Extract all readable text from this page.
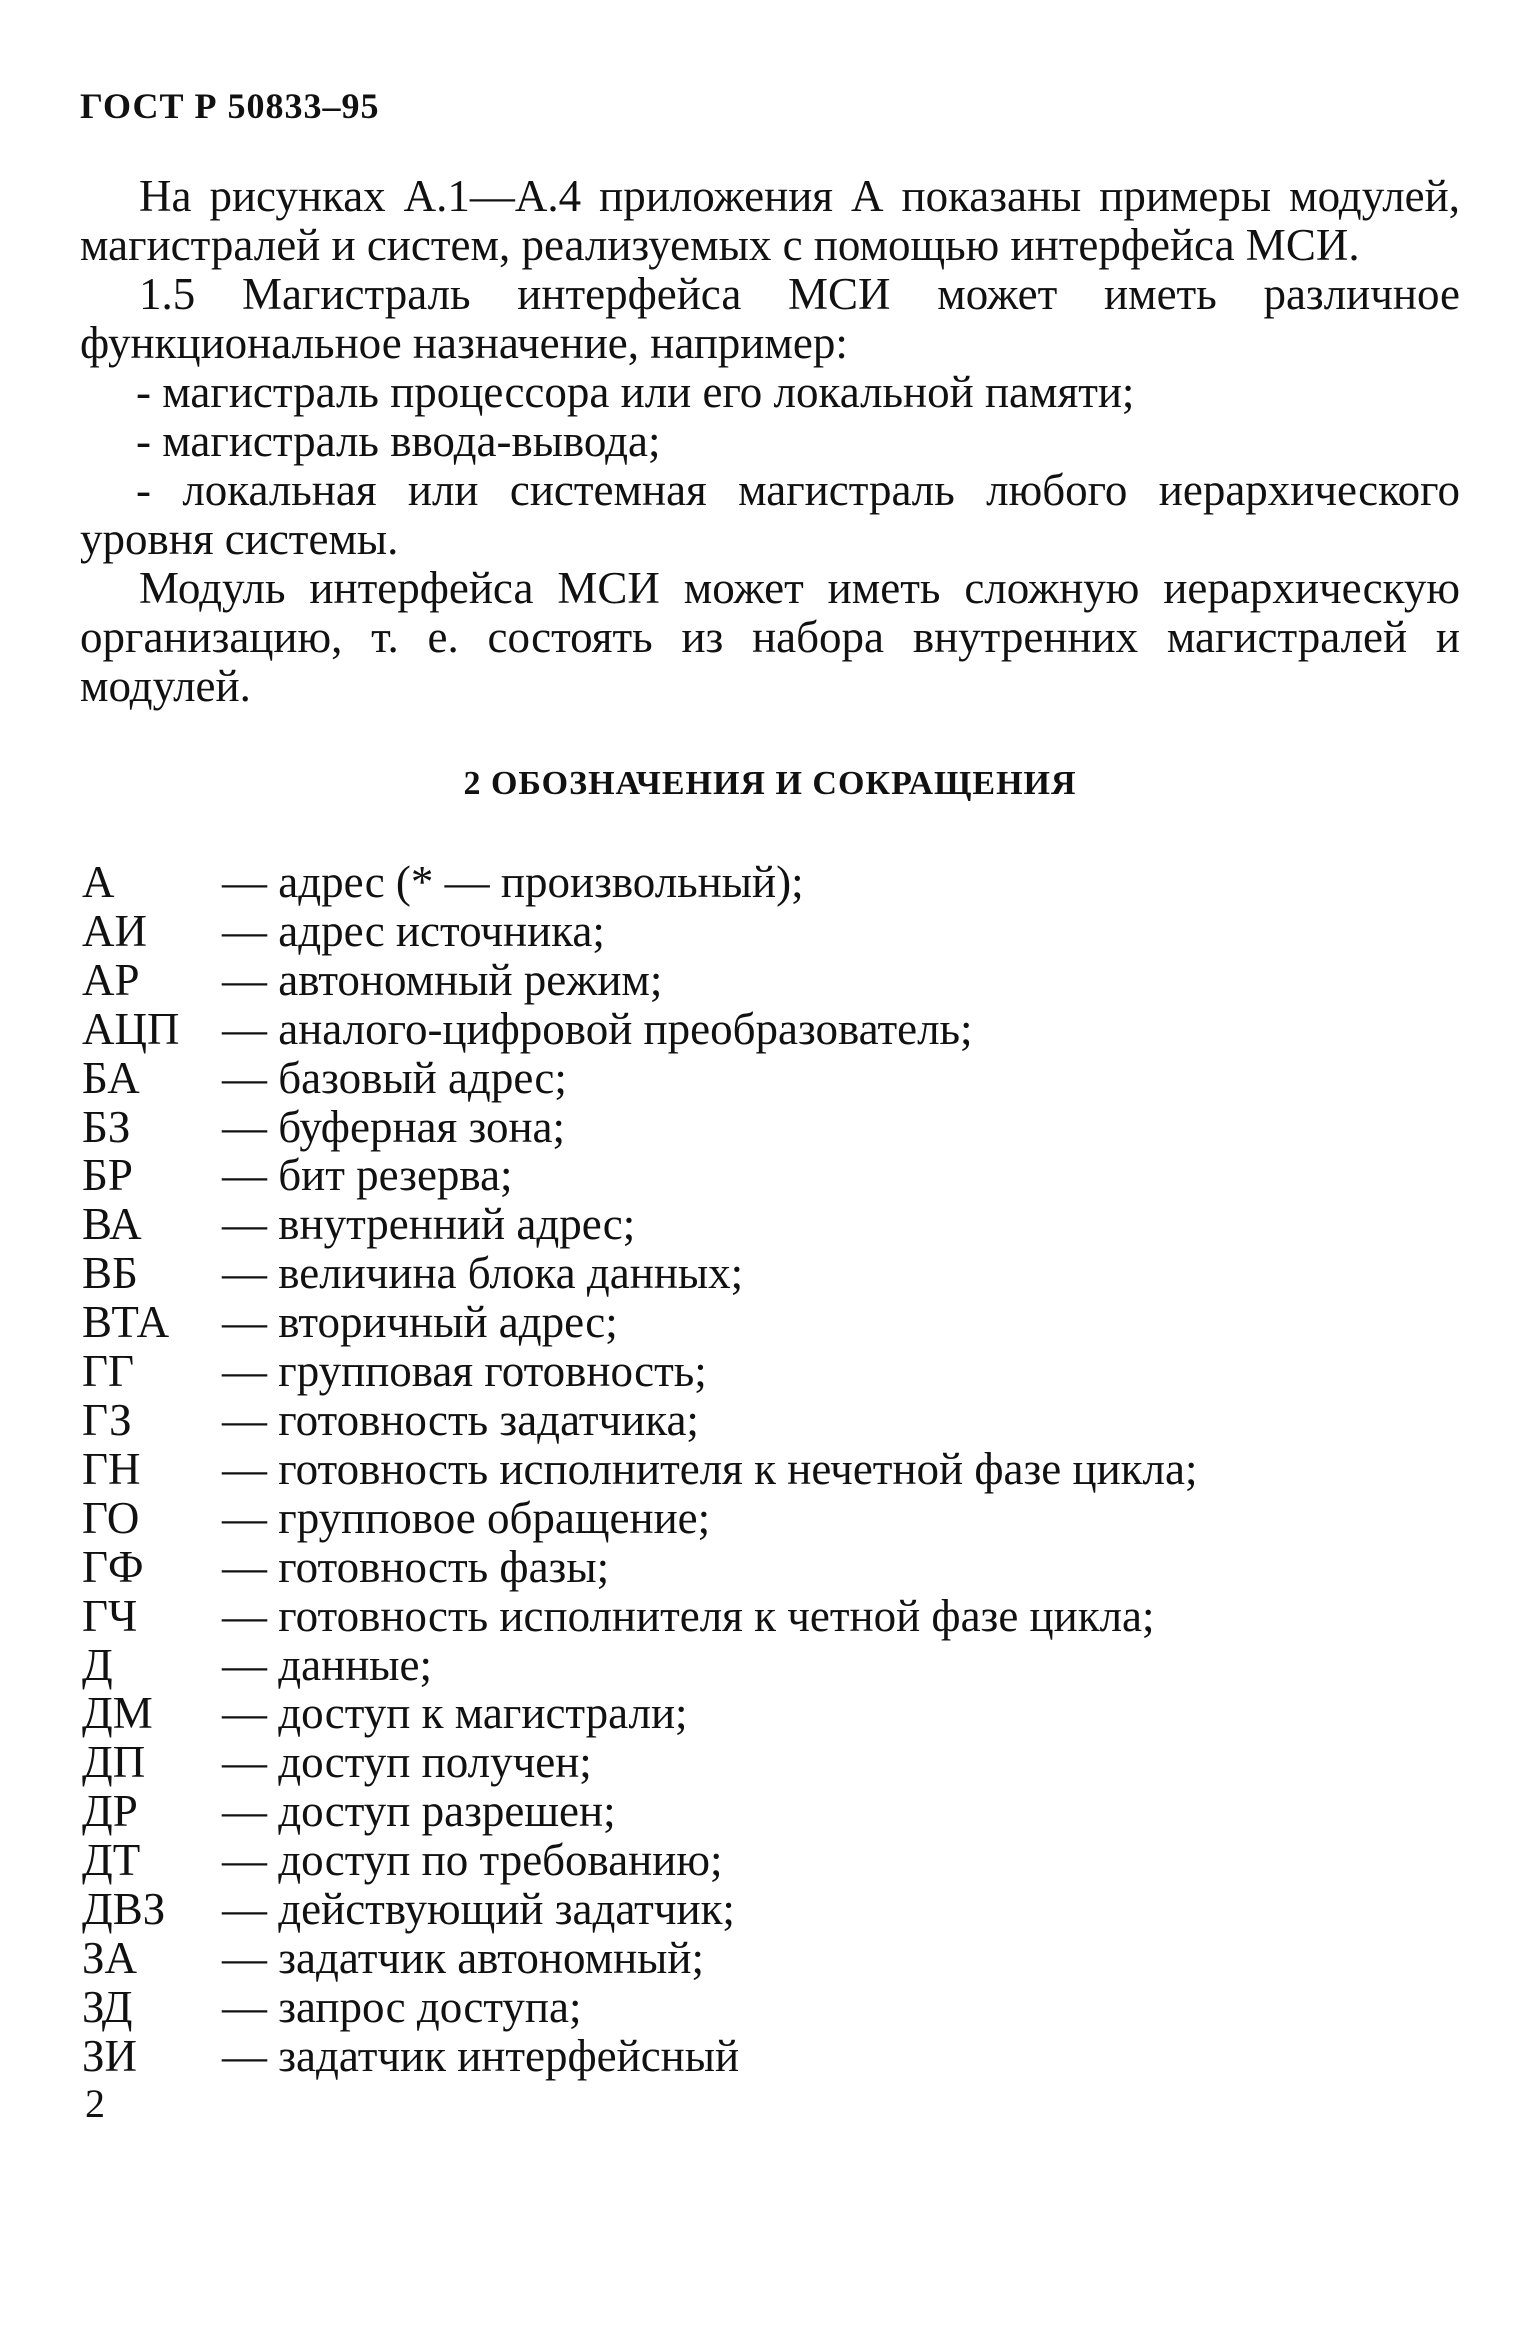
ГОСТ Р 50833–95

На рисунках А.1—А.4 приложения А показаны примеры модулей, магистралей и систем, реализуемых с помощью интерфейса МСИ.

1.5 Магистраль интерфейса МСИ может иметь различное функциональное назначение, например:

- магистраль процессора или его локальной памяти;

- магистраль ввода-вывода;

- локальная или системная магистраль любого иерархического уровня системы.

Модуль интерфейса МСИ может иметь сложную иерархическую организацию, т. е. состоять из набора внутренних магистралей и модулей.

2 ОБОЗНАЧЕНИЯ И СОКРАЩЕНИЯ
А	— адрес (* — произвольный);
АИ	— адрес источника;
АР	— автономный режим;
АЦП — аналого-цифровой преобразователь;
БА	— базовый адрес;
БЗ	— буферная зона;
БР	— бит резерва;
ВА	— внутренний адрес;
ВБ	— величина блока данных;
ВТА	— вторичный адрес;
ГГ	— групповая готовность;
ГЗ	— готовность задатчика;
ГН	— готовность исполнителя к нечетной фазе цикла;
ГО	— групповое обращение;
ГФ	— готовность фазы;
ГЧ	— готовность исполнителя к четной фазе цикла;
Д	— данные;
ДМ	— доступ к магистрали;
ДП	— доступ получен;
ДР	— доступ разрешен;
ДТ	— доступ по требованию;
ДВЗ	— действующий задатчик;
ЗА	— задатчик автономный;
ЗД	— запрос доступа;
ЗИ	— задатчик интерфейсный
2
